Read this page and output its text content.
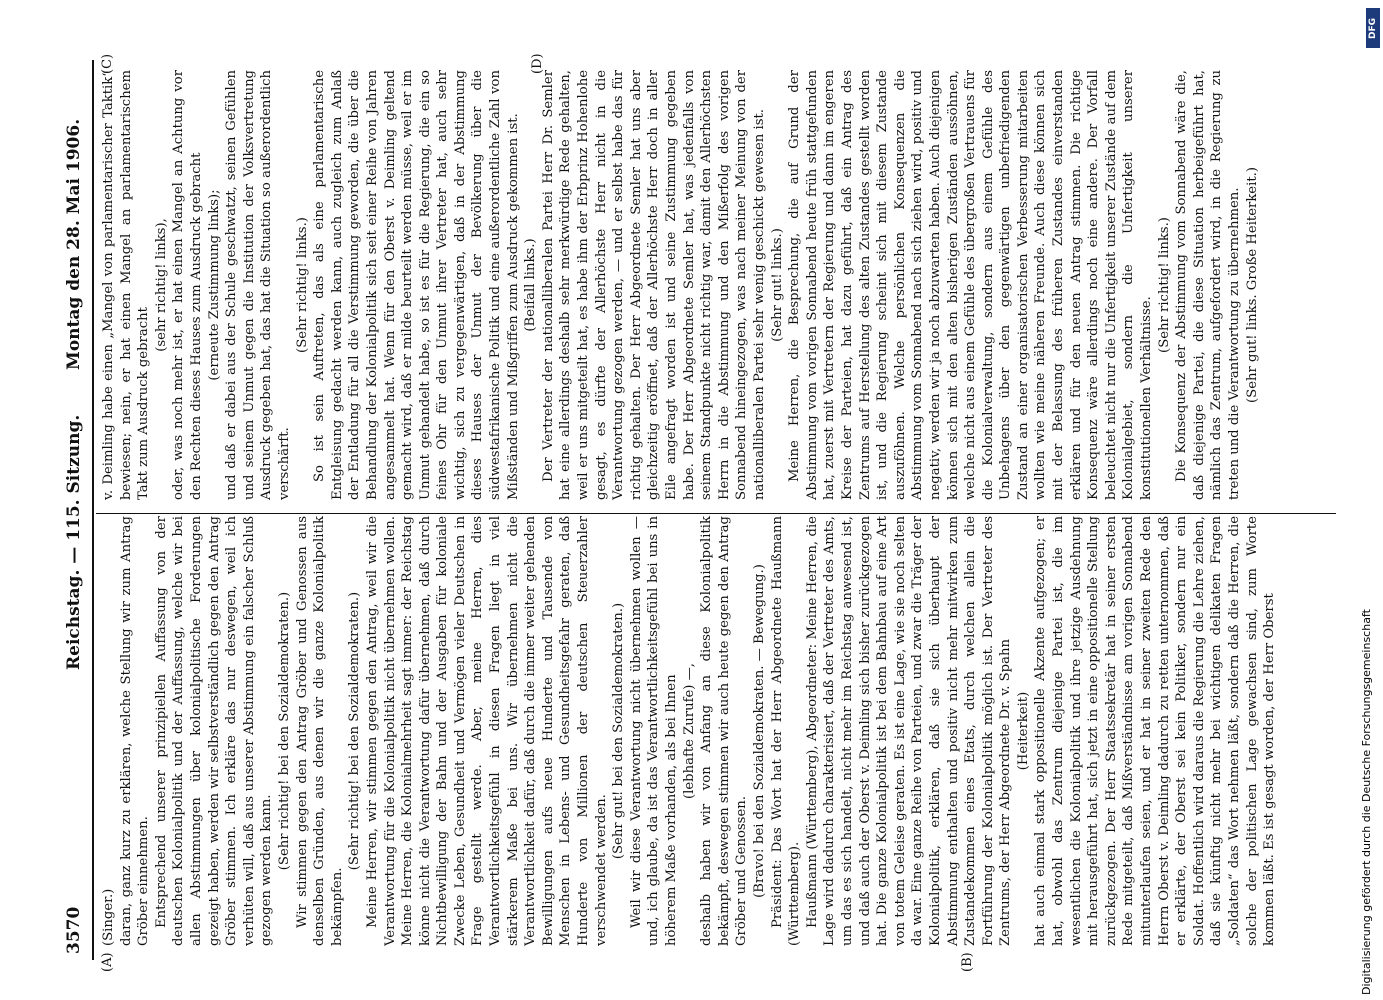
3570
Reichstag. — 115. Sitzung.
Montag den 28. Mai 1906.
(A)	(B)
(C)	(D)

(Singer.) daran, ganz kurz zu erklären, welche Stellung wir zum Antrag Gröber einnehmen. Entsprechend unserer prinzipiellen Auffassung von der deutschen Kolonialpolitik und der Auffassung, welche wir bei allen Abstimmungen über kolonialpolitische Forderungen gezeigt haben, werden wir selbstverständlich gegen den Antrag Gröber stimmen. Ich erkläre das nur deswegen, weil ich verhüten will, daß aus unserer Abstimmung ein falscher Schluß gezogen werden kann.

(Sehr richtig! bei den Sozialdemokraten.) Wir stimmen gegen den Antrag Gröber und Genossen aus denselben Gründen, aus denen wir die ganze Kolonialpolitik bekämpfen.

(Sehr richtig! bei den Sozialdemokraten.) Meine Herren, wir stimmen gegen den Antrag, weil wir die Verantwortung für die Kolonialpolitik nicht übernehmen wollen. Meine Herren, die Kolonialmehrheit sagt immer: der Reichstag könne nicht die Verantwortung dafür übernehmen, daß durch Nichtbewilligung der Bahn und der Ausgaben für koloniale Zwecke Leben, Gesundheit und Vermögen vieler Deutschen in Frage gestellt werde. Aber, meine Herren, dies Verantwortlichkeitsgefühl in diesen Fragen liegt in viel stärkerem Maße bei uns. Wir übernehmen nicht die Verantwortlichkeit dafür, daß durch die immer weiter gehenden Bewilligungen aufs neue Hunderte und Tausende von Menschen in Lebens- und Gesundheitsgefahr geraten, daß Hunderte von Millionen der deutschen Steuerzahler verschwendet werden.

(Sehr gut! bei den Sozialdemokraten.) Weil wir diese Verantwortung nicht übernehmen wollen — und, ich glaube, da ist das Verantwortlichkeitsgefühl bei uns in höherem Maße vorhanden, als bei Ihnen (lebhafte Zurufe) —, deshalb haben wir von Anfang an diese Kolonialpolitik bekämpft, deswegen stimmen wir auch heute gegen den Antrag Gröber und Genossen. (Bravo! bei den Sozialdemokraten. — Bewegung.) Präsident: Das Wort hat der Herr Abgeordnete Haußmann (Württemberg). Haußmann (Württemberg), Abgeordneter: Meine Herren, die Lage wird dadurch charakterisiert, daß der Vertreter des Amts, um das es sich handelt, nicht mehr im Reichstag anwesend ist, und daß auch der Oberst v. Deimling sich bisher zurückgezogen hat. Die ganze Kolonialpolitik ist bei dem Bahnbau auf eine Art von totem Geleise geraten. Es ist eine Lage, wie sie noch selten da war. Eine ganze Reihe von Parteien, und zwar die Träger der Kolonialpolitik, erklären, daß sie sich überhaupt der Abstimmung enthalten und positiv nicht mehr mitwirken zum Zustandekommen eines Etats, durch welchen allein die Fortführung der Kolonialpolitik möglich ist. Der Vertreter des Zentrums, der Herr Abgeordnete Dr. v. Spahn (Heiterkeit) hat auch einmal stark oppositionelle Akzente aufgezogen; er hat, obwohl das Zentrum diejenige Partei ist, die im wesentlichen die Kolonialpolitik und ihre jetzige Ausdehnung mit herausgeführt hat, sich jetzt in eine oppositionelle Stellung zurückgezogen. Der Herr Staatssekretär hat in seiner ersten Rede mitgeteilt, daß Mißverständnisse am vorigen Sonnabend mitunterlaufen seien, und er hat in seiner zweiten Rede den Herrn Oberst v. Deimling dadurch zu retten unternommen, daß er erklärte, der Oberst sei kein Politiker, sondern nur ein Soldat. Hoffentlich wird daraus die Regierung die Lehre ziehen, daß sie künftig nicht mehr bei wichtigen delikaten Fragen „Soldaten“ das Wort nehmen läßt, sondern daß die Herren, die solche der politischen Lage gewachsen sind, zum Worte kommen läßt. Es ist gesagt worden, der Herr Oberst

v. Deimling habe einen „Mangel von parlamentarischer Taktik“ bewiesen; nein, er hat einen Mangel an parlamentarischem Takt zum Ausdruck gebracht

(sehr richtig! links), oder, was noch mehr ist, er hat einen Mangel an Achtung vor den Rechten dieses Hauses zum Ausdruck gebracht (erneute Zustimmung links); und daß er dabei aus der Schule geschwatzt, seinen Gefühlen und seinem Unmut gegen die Institution der Volksvertretung Ausdruck gegeben hat, das hat die Situation so außerordentlich verschärft.

(Sehr richtig! links.) So ist sein Auftreten, das als eine parlamentarische Entgleisung gedacht werden kann, auch zugleich zum Anlaß der Entladung für all die Verstimmung geworden, die über die Behandlung der Kolonialpolitik sich seit einer Reihe von Jahren angesammelt hat. Wenn für den Oberst v. Deimling geltend gemacht wird, daß er milde beurteilt werden müsse, weil er im Unmut gehandelt habe, so ist es für die Regierung, die ein so feines Ohr für den Unmut ihrer Vertreter hat, auch sehr wichtig, sich zu vergegenwärtigen, daß in der Abstimmung dieses Hauses der Unmut der Bevölkerung über die südwestafrikanische Politik und eine außerordentliche Zahl von Mißständen und Mißgriffen zum Ausdruck gekommen ist. (Beifall links.) Der Vertreter der nationalliberalen Partei Herr Dr. Semler hat eine allerdings deshalb sehr merkwürdige Rede gehalten, weil er uns mitgeteilt hat, es habe ihm der Erbprinz Hohenlohe gesagt, es dürfte der Allerhöchste Herr nicht in die Verantwortung gezogen werden, — und er selbst habe das für richtig gehalten. Der Herr Abgeordnete Semler hat uns aber gleichzeitig eröffnet, daß der Allerhöchste Herr doch in aller Eile angefragt worden ist und seine Zustimmung gegeben habe. Der Herr Abgeordnete Semler hat, was jedenfalls von seinem Standpunkte nicht richtig war, damit den Allerhöchsten Herrn in die Abstimmung und den Mißerfolg des vorigen Sonnabend hineingezogen, was nach meiner Meinung von der nationalliberalen Partei sehr wenig geschickt gewesen ist. (Sehr gut! links.) Meine Herren, die Besprechung, die auf Grund der Abstimmung vom vorigen Sonnabend heute früh stattgefunden hat, zuerst mit Vertretern der Regierung und dann im engeren Kreise der Parteien, hat dazu geführt, daß ein Antrag des Zentrums auf Herstellung des alten Zustandes gestellt worden ist, und die Regierung scheint sich mit diesem Zustande auszuföhnen. Welche persönlichen Konsequenzen die Abstimmung vom Sonnabend nach sich ziehen wird, positiv und negativ, werden wir ja noch abzuwarten haben. Auch diejenigen können sich mit den alten bisherigen Zuständen aussöhnen, welche nicht aus einem Gefühle des übergroßen Vertrauens für die Kolonialverwaltung, sondern aus einem Gefühle des Unbehagens über den gegenwärtigen unbefriedigenden Zustand an einer organisatorischen Verbesserung mitarbeiten wollten wie meine näheren Freunde. Auch diese können sich mit der Belassung des früheren Zustandes einverstanden erklären und für den neuen Antrag stimmen. Die richtige Konsequenz wäre allerdings noch eine andere. Der Vorfall beleuchtet nicht nur die Unfertigkeit unserer Zustände auf dem Kolonialgebiet, sondern die Unfertigkeit unserer konstitutionellen Verhältnisse.

(Sehr richtig! links.) Die Konsequenz der Abstimmung vom Sonnabend wäre die, daß diejenige Partei, die diese Situation herbeigeführt hat, nämlich das Zentrum, aufgefordert wird, in die Regierung zu treten und die Verantwortung zu übernehmen. (Sehr gut! links. Große Heiterkeit.)

DFG
Digitalisierung gefördert durch die Deutsche Forschungsgemeinschaft
